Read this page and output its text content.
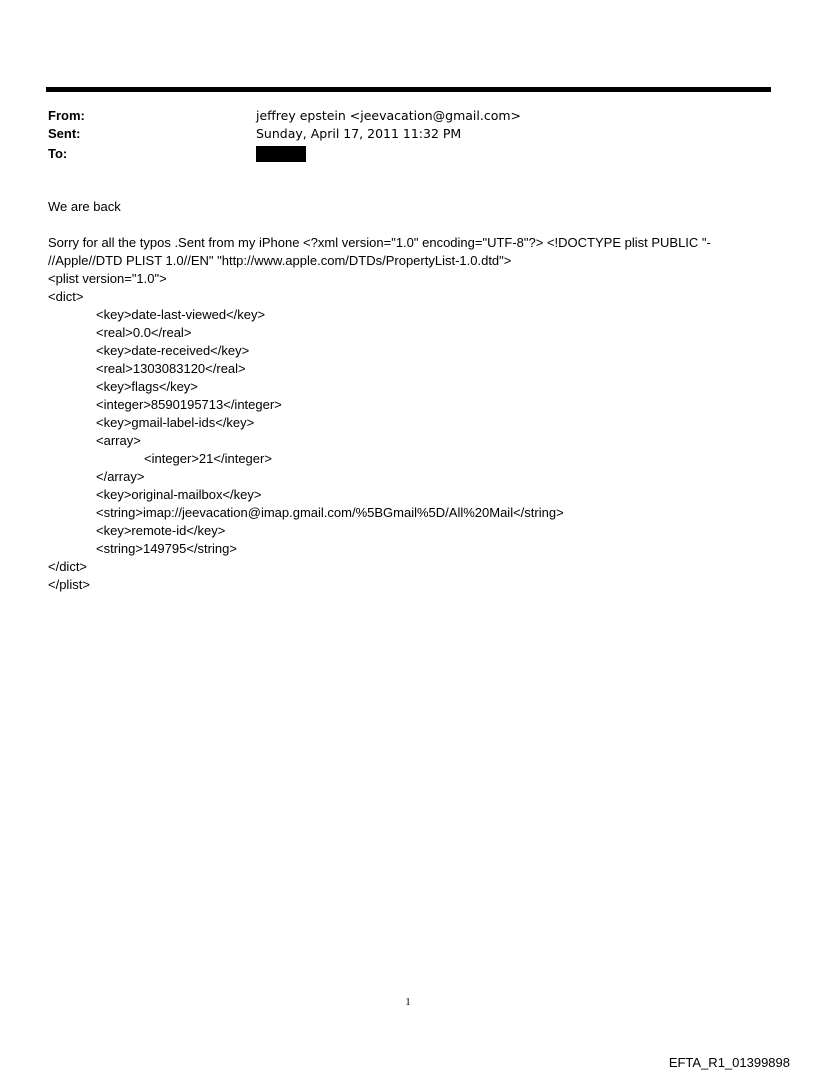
From:	jeffrey epstein <jeevacation@gmail.com>
Sent:	Sunday, April 17, 2011 11:32 PM
To:
We are back
Sorry for all the typos .Sent from my iPhone <?xml version="1.0" encoding="UTF-8"?> <!DOCTYPE plist PUBLIC "-
//Apple//DTD PLIST 1.0//EN" "http://www.apple.com/DTDs/PropertyList-1.0.dtd">
<plist version="1.0">
<dict>
<key>date-last-viewed</key>
<real>0.0</real>
<key>date-received</key>
<real>1303083120</real>
<key>flags</key>
<integer>8590195713</integer>
<key>gmail-label-ids</key>
<array>
<integer>21</integer>
</array>
<key>original-mailbox</key>
<string>imap://jeevacation@imap.gmail.com/%5BGmail%5D/All%20Mail</string>
<key>remote-id</key>
<string>149795</string>
</dict>
</plist>
1
EFTA_R1_01399898
